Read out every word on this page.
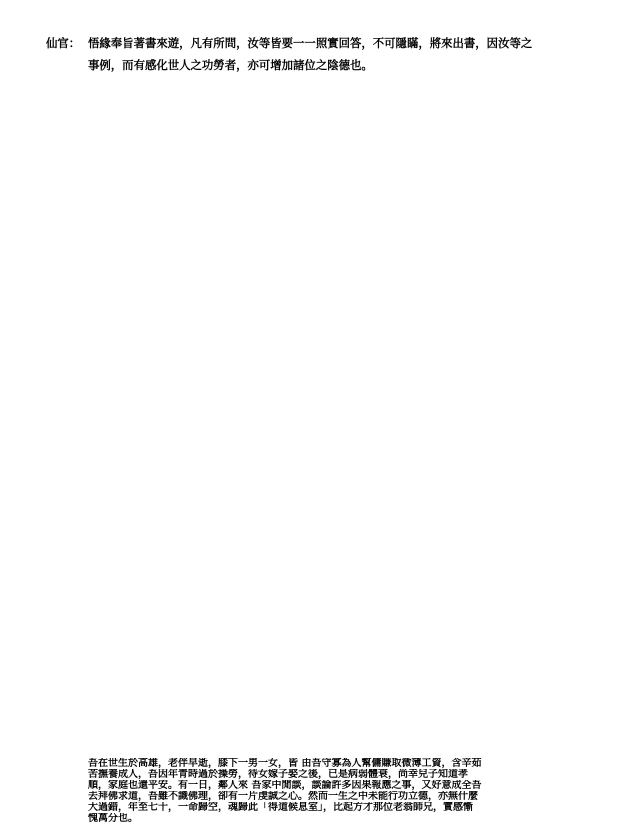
仙官： 悟緣奉旨著書來遊，凡有所問，汝等皆要一一照實回答，不可隱瞞，將來出書，因汝等之
事例，而有感化世人之功勞者，亦可增加諸位之陰德也。
吾在世生於高雄，老伴早逝，膝下一男一女，皆 由吾守寡為人幫傭賺取微薄工資，含辛茹
苦撫養成人，吾因年青時過於操勞，待女嫁子娶之後，已是病弱體衰，尚幸兒子知道孝
順，家庭也還平安。有一日，鄰人來 吾家中閒談，談論許多因果報應之事，又好意成全吾
去拜佛求道，吾雖不識佛理，卻有一片虔誠之心。然而一生之中未能行功立德，亦無什麼
大過錯，年至七十，一命歸空，魂歸此「得道候息室」，比起方才那位老翁師兄，實感慚
愧萬分也。
